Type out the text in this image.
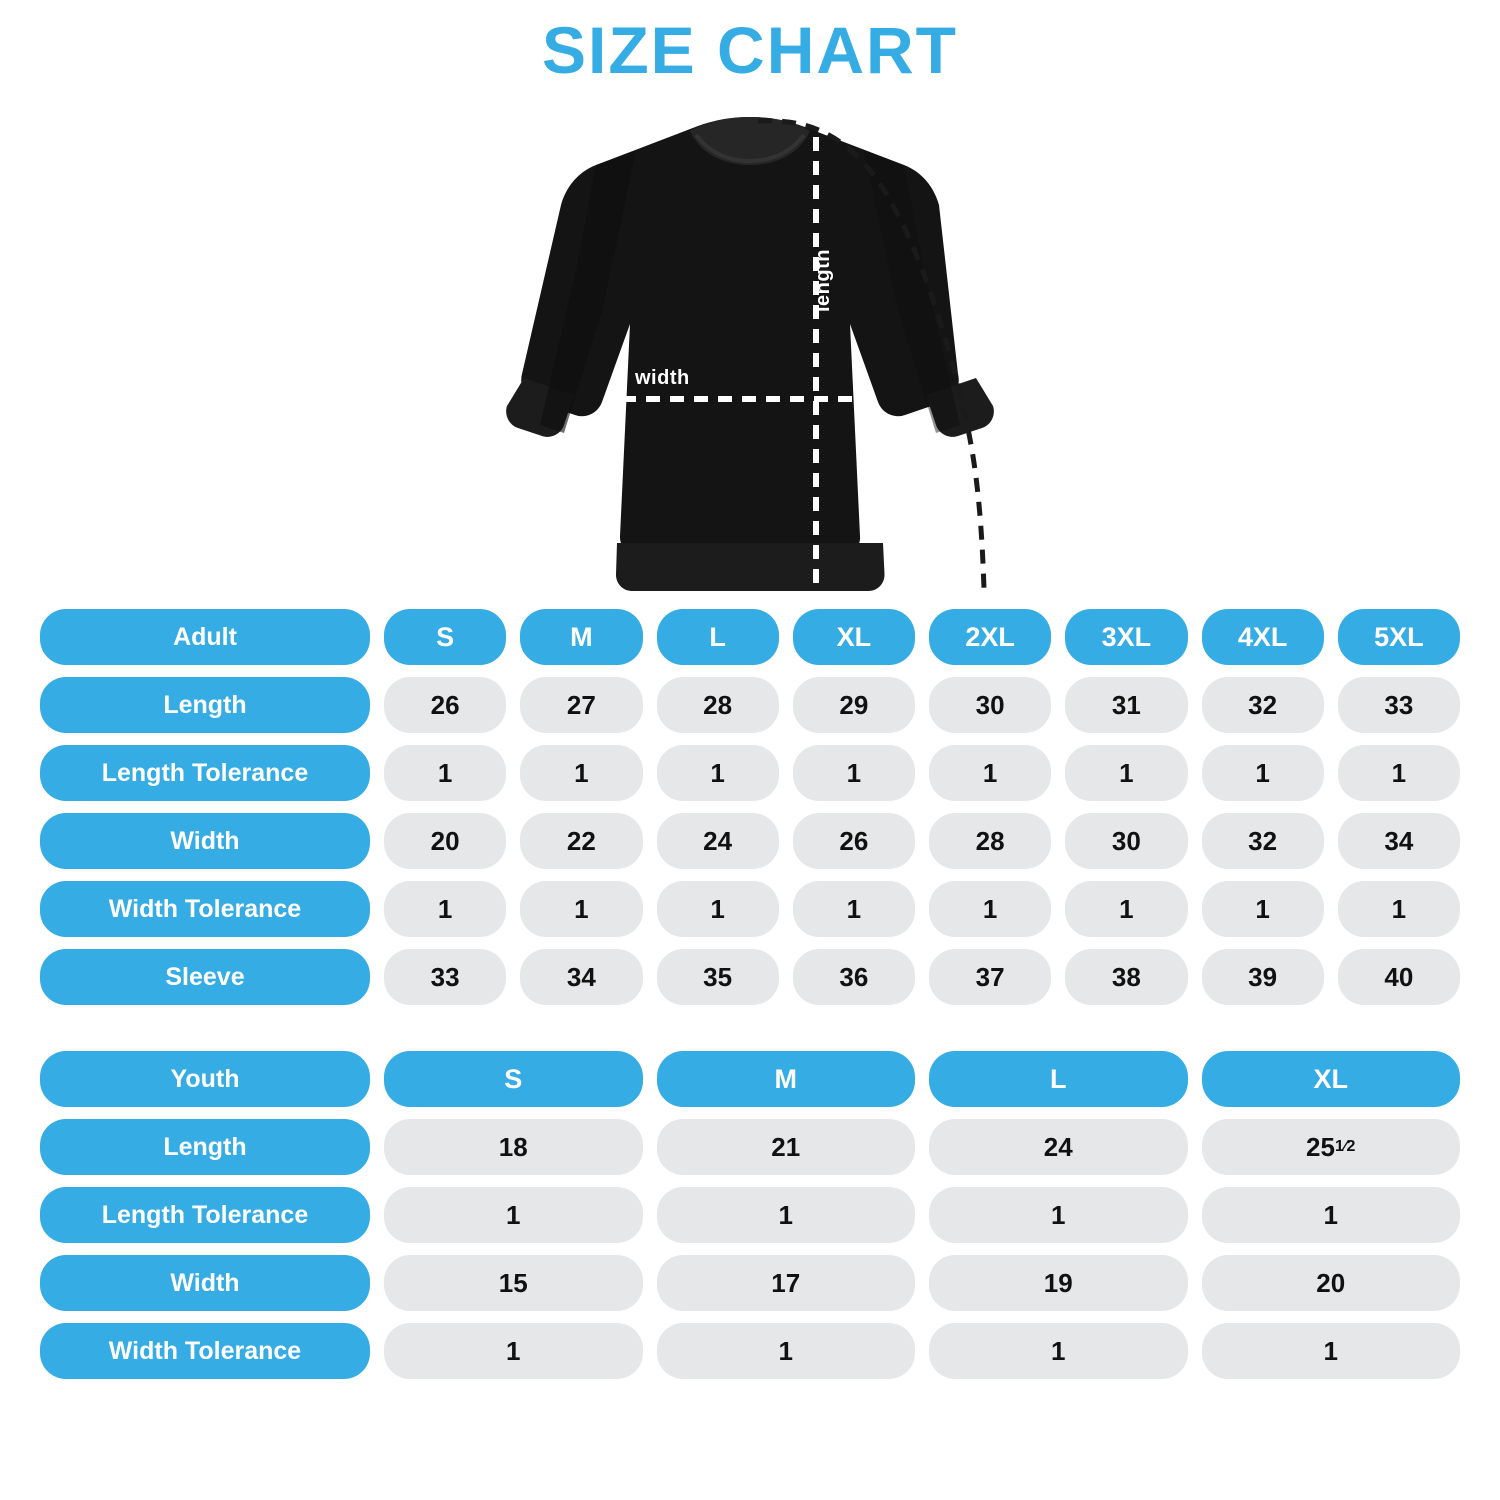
SIZE CHART
width
length	sleeve
Adult	S	M	L	XL	2XL	3XL	4XL	5XL
Length	26	27	28	29	30	31	32	33
Length Tolerance	1	1	1	1	1	1	1	1
Width	20	22	24	26	28	30	32	34
Width Tolerance	1	1	1	1	1	1	1	1
Sleeve	33	34	35	36	37	38	39	40
Youth	S	M	L	XL
Length	18	21	24	25 1⁄2
Length Tolerance	1	1	1	1
Width	15	17	19	20
Width Tolerance	1	1	1	1
